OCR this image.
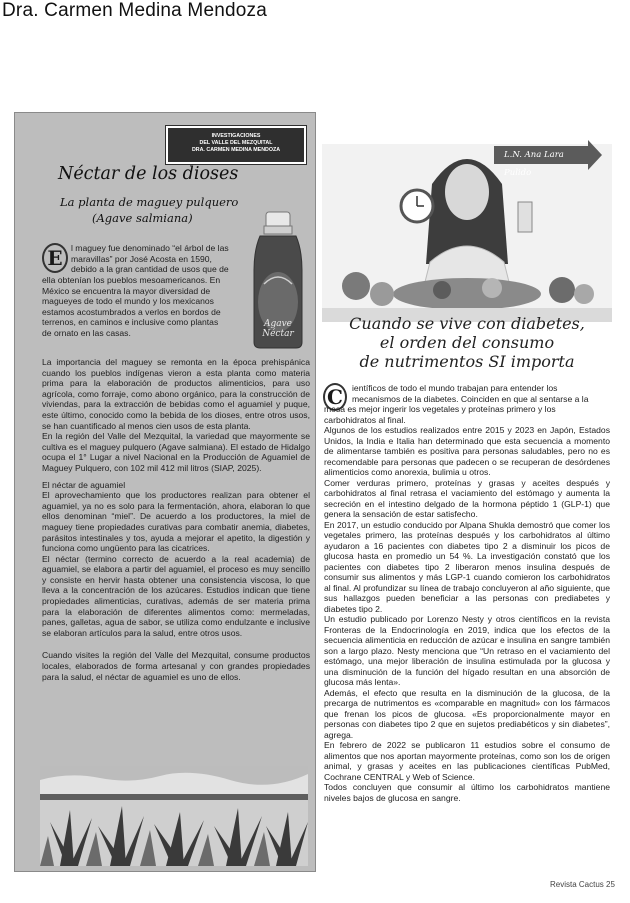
Dra. Carmen Medina Mendoza
INVESTIGACIONES
DEL VALLE DEL MEZQUITAL
DRA. CARMEN MEDINA MENDOZA
Néctar de los dioses
La planta de maguey pulquero
(Agave salmiana)
Agave
Néctar
E l maguey fue denominado “el árbol de las

maravillas” por José Acosta en 1590,

debido a la gran cantidad de usos que de

ella obtenían los pueblos mesoamericanos. En

México se encuentra la mayor diversidad de

magueyes de todo el mundo y los mexicanos

estamos acostumbrados a verlos en bordos de

terrenos, en caminos e inclusive como plantas

de ornato en las casas.

La importancia del maguey se remonta en la época prehispánica cuando los pueblos indígenas vieron a esta planta como materia prima para la elaboración de productos alimenticios, para uso agrícola, como forraje, como abono orgánico, para la construcción de viviendas, para la extracción de bebidas como el aguamiel y puque, este último, conocido como la bebida de los dioses, entre otros usos, se han cuantificado al menos cien usos de esta planta.

En la región del Valle del Mezquital, la variedad que mayormente se cultiva es el maguey pulquero (Agave salmiana). El estado de Hidalgo ocupa el 1° Lugar a nivel Nacional en la Producción de Aguamiel de Maguey Pulquero, con 102 mil 412 mil litros (SIAP, 2025).

El néctar de aguamiel

El aprovechamiento que los productores realizan para obtener el aguamiel, ya no es solo para la fermentación, ahora, elaboran lo que ellos denominan “miel”. De acuerdo a los productores, la miel de maguey tiene propiedades curativas para combatir anemia, diabetes, parásitos intestinales y tos, ayuda a mejorar el apetito, la digestión y funciona como ungüento para las cicatrices.

El néctar (termino correcto de acuerdo a la real academia) de aguamiel, se elabora a partir del aguamiel, el proceso es muy sencillo y consiste en hervir hasta obtener una consistencia viscosa, lo que lleva a la concentración de los azúcares. Estudios indican que tiene propiedades alimenticias, curativas, además de ser materia prima para la elaboración de diferentes alimentos como: mermeladas, panes, galletas, agua de sabor, se utiliza como endulzante e inclusive se elaboran artículos para la salud, entre otros usos.

Cuando visites la región del Valle del Mezquital, consume productos locales, elaborados de forma artesanal y con grandes propiedades para la salud, el néctar de aguamiel es uno de ellos.

L.N. Ana Lara Pulido
Cuando se vive con diabetes,
el orden del consumo
de nutrimentos SI importa
C	ientíficos de todo el mundo trabajan para entender los

mecanismos de la diabetes. Coinciden en que al sentarse a la

mesa es mejor ingerir los vegetales y proteínas primero y los

carbohidratos al final.

Algunos de los estudios realizados entre 2015 y 2023 en Japón, Estados Unidos, la India e Italia han determinado que esta secuencia a momento de alimentarse también es positiva para personas saludables, pero no es recomendable para personas que padecen o se recuperan de desórdenes alimenticios como anorexia, bulimia u otros.

Comer verduras primero, proteínas y grasas y aceites después y carbohidratos al final retrasa el vaciamiento del estómago y aumenta la secreción en el intestino delgado de la hormona péptido 1 (GLP-1) que genera la sensación de estar satisfecho.

En 2017, un estudio conducido por Alpana Shukla demostró que comer los vegetales primero, las proteínas después y los carbohidratos al último ayudaron a 16 pacientes con diabetes tipo 2 a disminuir los picos de glucosa hasta en promedio un 54 %. La investigación constató que los pacientes con diabetes tipo 2 liberaron menos insulina después de consumir sus alimentos y más LGP-1 cuando comieron los carbohidratos al final. Al profundizar su línea de trabajo concluyeron al año siguiente, que sus hallazgos pueden beneficiar a las personas con prediabetes y diabetes tipo 2.

Un estudio publicado por Lorenzo Nesty y otros científicos en la revista Fronteras de la Endocrinología en 2019, indica que los efectos de la secuencia alimenticia en reducción de azúcar e insulina en sangre también son a largo plazo. Nesty menciona que “Un retraso en el vaciamiento del estómago, una mejor liberación de insulina estimulada por la glucosa y una disminución de la función del hígado resultan en una absorción de glucosa más lenta».

Además, el efecto que resulta en la disminución de la glucosa, de la precarga de nutrimentos es «comparable en magnitud» con los fármacos que frenan los picos de glucosa. «Es proporcionalmente mayor en personas con diabetes tipo 2 que en sujetos prediabéticos y sin diabetes”, agrega.

En febrero de 2022 se publicaron 11 estudios sobre el consumo de alimentos que nos aportan mayormente proteínas, como son los de origen animal, y grasas y aceites en las publicaciones científicas PubMed, Cochrane CENTRAL y Web of Science.

Todos concluyen que consumir al último los carbohidratos mantiene niveles bajos de glucosa en sangre.

Revista Cactus 25
